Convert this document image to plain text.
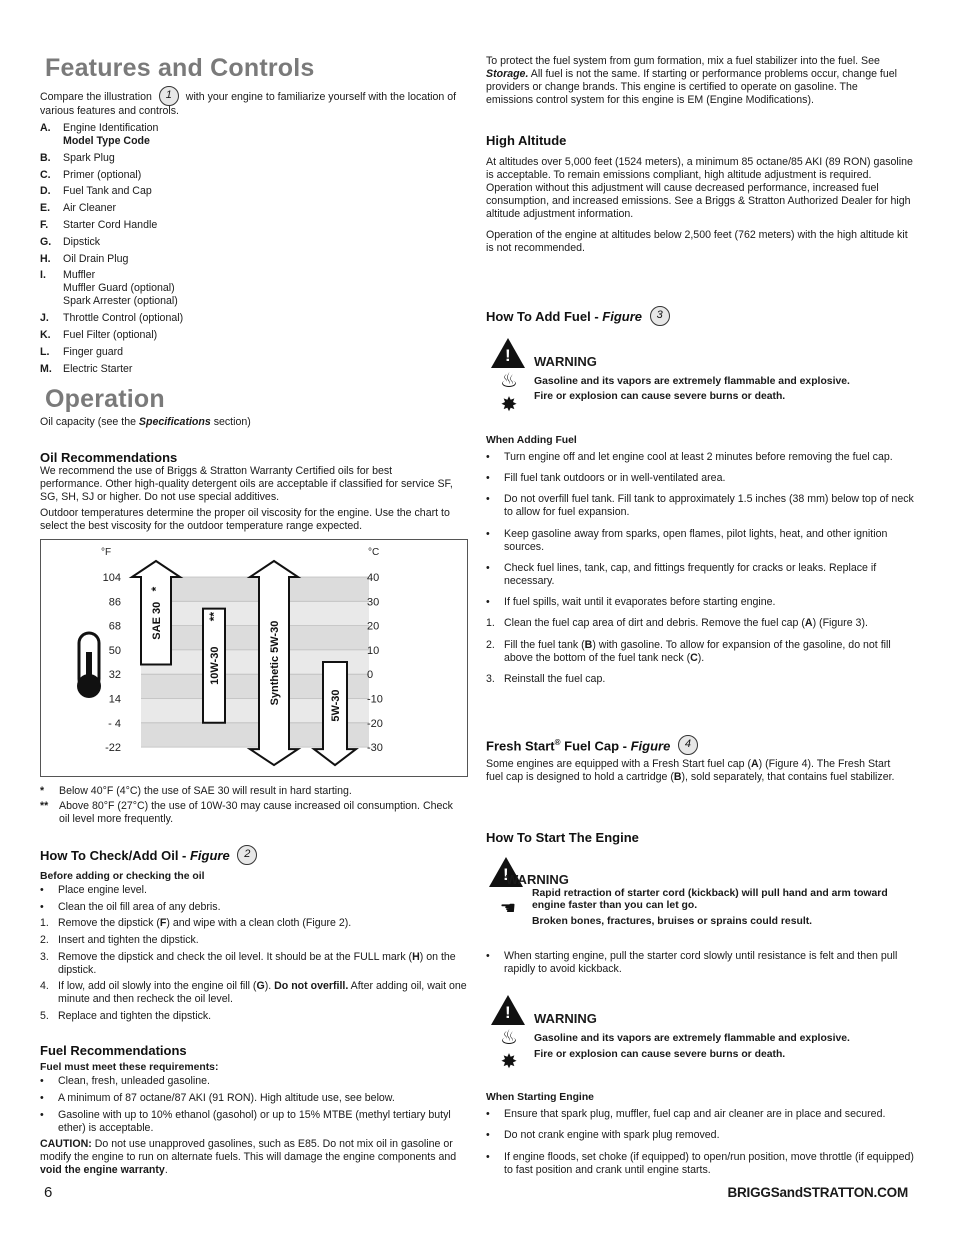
Features and Controls
Compare the illustration 1 with your engine to familiarize yourself with the location of
various features and controls.
A. Engine Identification
Model Type Code
B. Spark Plug
C. Primer (optional)
D. Fuel Tank and Cap
E. Air Cleaner
F. Starter Cord Handle
G. Dipstick
H. Oil Drain Plug
I. Muffler
Muffler Guard (optional)
Spark Arrester (optional)
J. Throttle Control (optional)
K. Fuel Filter (optional)
L. Finger guard
M. Electric Starter
Operation
Oil capacity (see the Specifications section)
Oil Recommendations
We recommend the use of Briggs & Stratton Warranty Certified oils for best
performance. Other high-quality detergent oils are acceptable if classified for service SF,
SG, SH, SJ or higher. Do not use special additives.
Outdoor temperatures determine the proper oil viscosity for the engine. Use the chart to
select the best viscosity for the outdoor temperature range expected.
* Below 40°F (4°C) the use of SAE 30 will result in hard starting.
** Above 80°F (27°C) the use of 10W-30 may cause increased oil consumption. Check
oil level more frequently.
How To Check/Add Oil - Figure 2
Before adding or checking the oil
• Place engine level.
• Clean the oil fill area of any debris.
1. Remove the dipstick (F) and wipe with a clean cloth (Figure 2).
2. Insert and tighten the dipstick.
3. Remove the dipstick and check the oil level. It should be at the FULL mark (H) on the dipstick.
4. If low, add oil slowly into the engine oil fill (G). Do not overfill. After adding oil, wait one minute and then recheck the oil level.
5. Replace and tighten the dipstick.
Fuel Recommendations
Fuel must meet these requirements:
• Clean, fresh, unleaded gasoline.
• A minimum of 87 octane/87 AKI (91 RON). High altitude use, see below.
• Gasoline with up to 10% ethanol (gasohol) or up to 15% MTBE (methyl tertiary butyl ether) is acceptable.
CAUTION: Do not use unapproved gasolines, such as E85. Do not mix oil in gasoline or
modify the engine to run on alternate fuels. This will damage the engine components and
void the engine warranty.
SAE 30
*
10W-30
**
Synthetic 5W-30
5W-30
°F	°C
104	40
86	30
68	20
50	10
32	0
14	-10
- 4	-20
-22	-30
To protect the fuel system from gum formation, mix a fuel stabilizer into the fuel. See
Storage. All fuel is not the same. If starting or performance problems occur, change fuel
providers or change brands. This engine is certified to operate on gasoline. The
emissions control system for this engine is EM (Engine Modifications).
High Altitude
At altitudes over 5,000 feet (1524 meters), a minimum 85 octane/85 AKI (89 RON) gasoline is acceptable. To remain emissions compliant, high altitude adjustment is required. Operation without this adjustment will cause decreased performance, increased fuel consumption, and increased emissions. See a Briggs & Stratton Authorized Dealer for high altitude adjustment information.
Operation of the engine at altitudes below 2,500 feet (762 meters) with the high altitude kit is not recommended.
How To Add Fuel - Figure 3
!
♨
✸
WARNING
Gasoline and its vapors are extremely flammable and explosive.
Fire or explosion can cause severe burns or death.
When Adding Fuel
• Turn engine off and let engine cool at least 2 minutes before removing the fuel cap.
• Fill fuel tank outdoors or in well-ventilated area.
• Do not overfill fuel tank. Fill tank to approximately 1.5 inches (38 mm) below top of neck to allow for fuel expansion.
• Keep gasoline away from sparks, open flames, pilot lights, heat, and other ignition sources.
• Check fuel lines, tank, cap, and fittings frequently for cracks or leaks. Replace if necessary.
• If fuel spills, wait until it evaporates before starting engine.
1. Clean the fuel cap area of dirt and debris. Remove the fuel cap (A) (Figure 3).
2. Fill the fuel tank (B) with gasoline. To allow for expansion of the gasoline, do not fill above the bottom of the fuel tank neck (C).
3. Reinstall the fuel cap.
Fresh Start® Fuel Cap - Figure 4
Some engines are equipped with a Fresh Start fuel cap (A) (Figure 4). The Fresh Start
fuel cap is designed to hold a cartridge (B), sold separately, that contains fuel stabilizer.
How To Start The Engine
!
☚
WARNING
Rapid retraction of starter cord (kickback) will pull hand and arm toward
engine faster than you can let go.
Broken bones, fractures, bruises or sprains could result.
• When starting engine, pull the starter cord slowly until resistance is felt and then pull rapidly to avoid kickback.
!
♨
✸
WARNING
Gasoline and its vapors are extremely flammable and explosive.
Fire or explosion can cause severe burns or death.
When Starting Engine
• Ensure that spark plug, muffler, fuel cap and air cleaner are in place and secured.
• Do not crank engine with spark plug removed.
• If engine floods, set choke (if equipped) to open/run position, move throttle (if equipped) to fast position and crank until engine starts.
6	BRIGGSandSTRATTON.COM
